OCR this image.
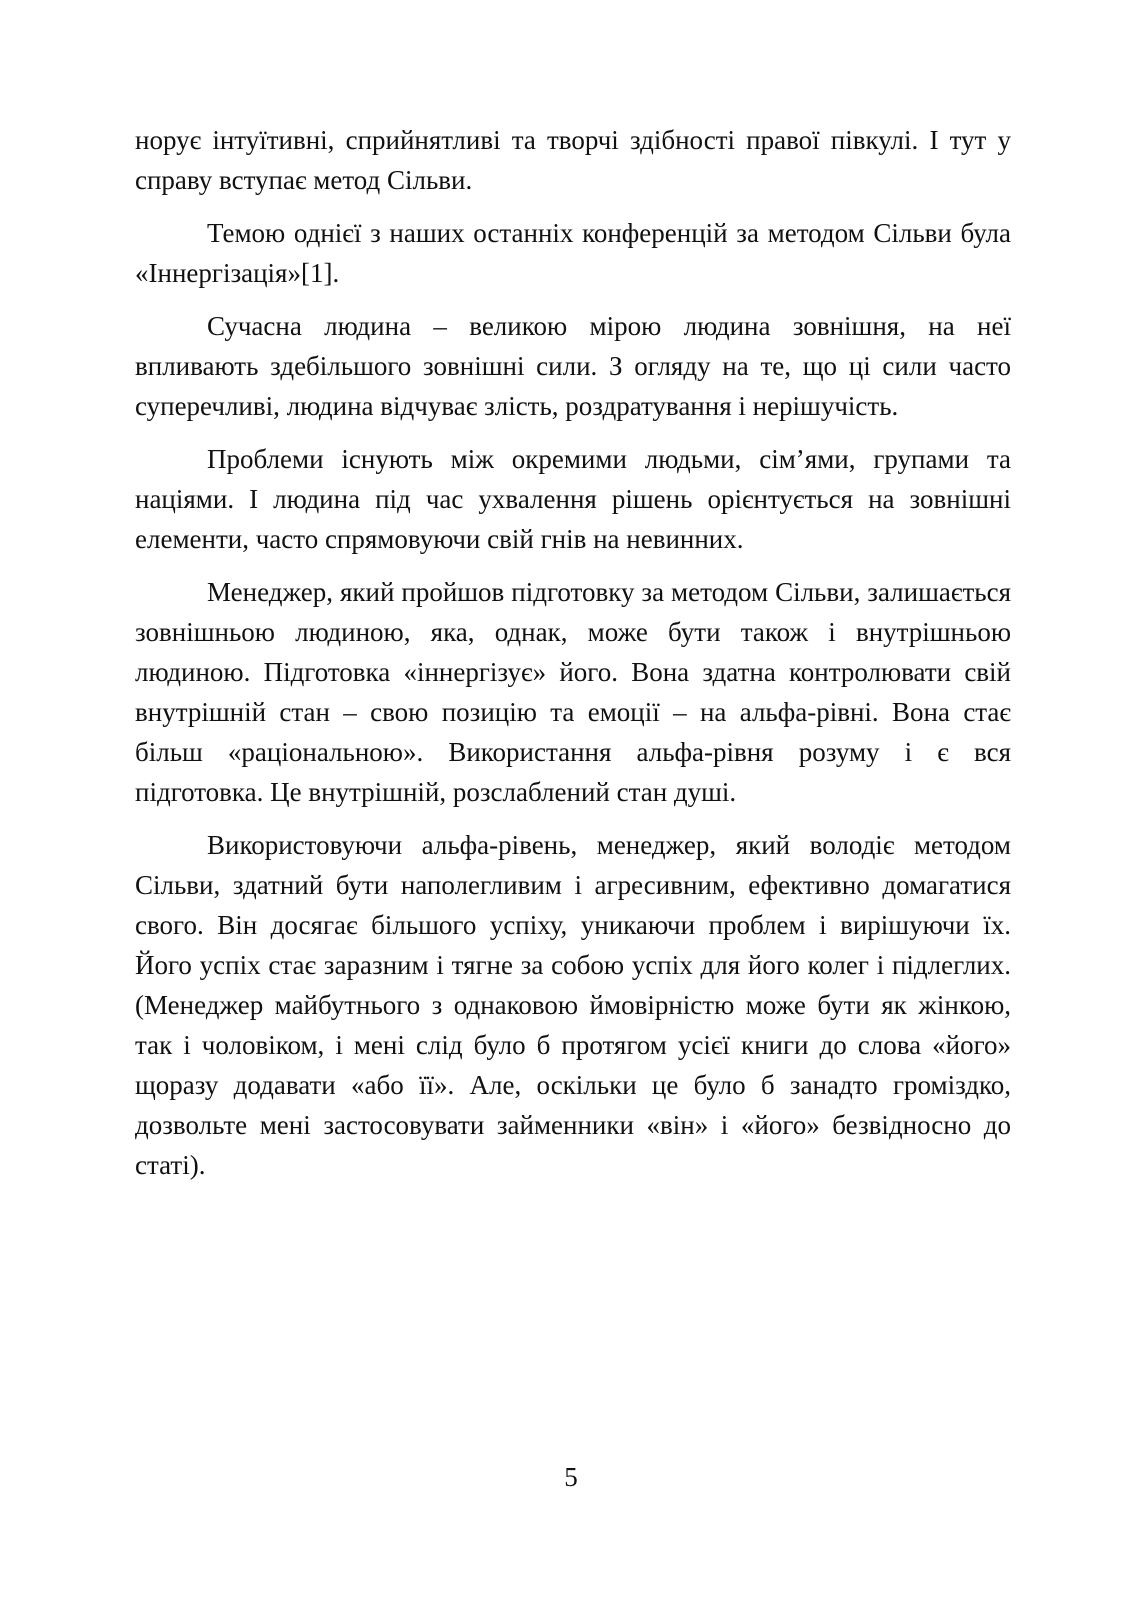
норує інтуїтивні, сприйнятливі та творчі здібності правої півкулі. І тут у справу вступає метод Сільви.

Темою однієї з наших останніх конференцій за методом Сільви була «Іннергізація»[1].

Сучасна людина – великою мірою людина зовнішня, на неї впливають здебільшого зовнішні сили. З огляду на те, що ці сили часто суперечливі, людина відчуває злість, роздратування і нерішучість.

Проблеми існують між окремими людьми, сім’ями, групами та націями. І людина під час ухвалення рішень орієнтується на зовнішні елементи, часто спрямовуючи свій гнів на невинних.

Менеджер, який пройшов підготовку за методом Сільви, залишається зовнішньою людиною, яка, однак, може бути також і внутрішньою людиною. Підготовка «іннергізує» його. Вона здатна контролювати свій внутрішній стан – свою позицію та емоції – на альфа-рівні. Вона стає більш «раціональною». Використання альфа-рівня розуму і є вся підготовка. Це внутрішній, розслаблений стан душі.

Використовуючи альфа-рівень, менеджер, який володіє методом Сільви, здатний бути наполегливим і агресивним, ефективно домагатися свого. Він досягає більшого успіху, уникаючи проблем і вирішуючи їх. Його успіх стає заразним і тягне за собою успіх для його колег і підлеглих. (Менеджер майбутнього з однаковою ймовірністю може бути як жінкою, так і чоловіком, і мені слід було б протягом усієї книги до слова «його» щоразу додавати «або її». Але, оскільки це було б занадто громіздко, дозвольте мені застосовувати займенники «він» і «його» безвідносно до статі).

5
